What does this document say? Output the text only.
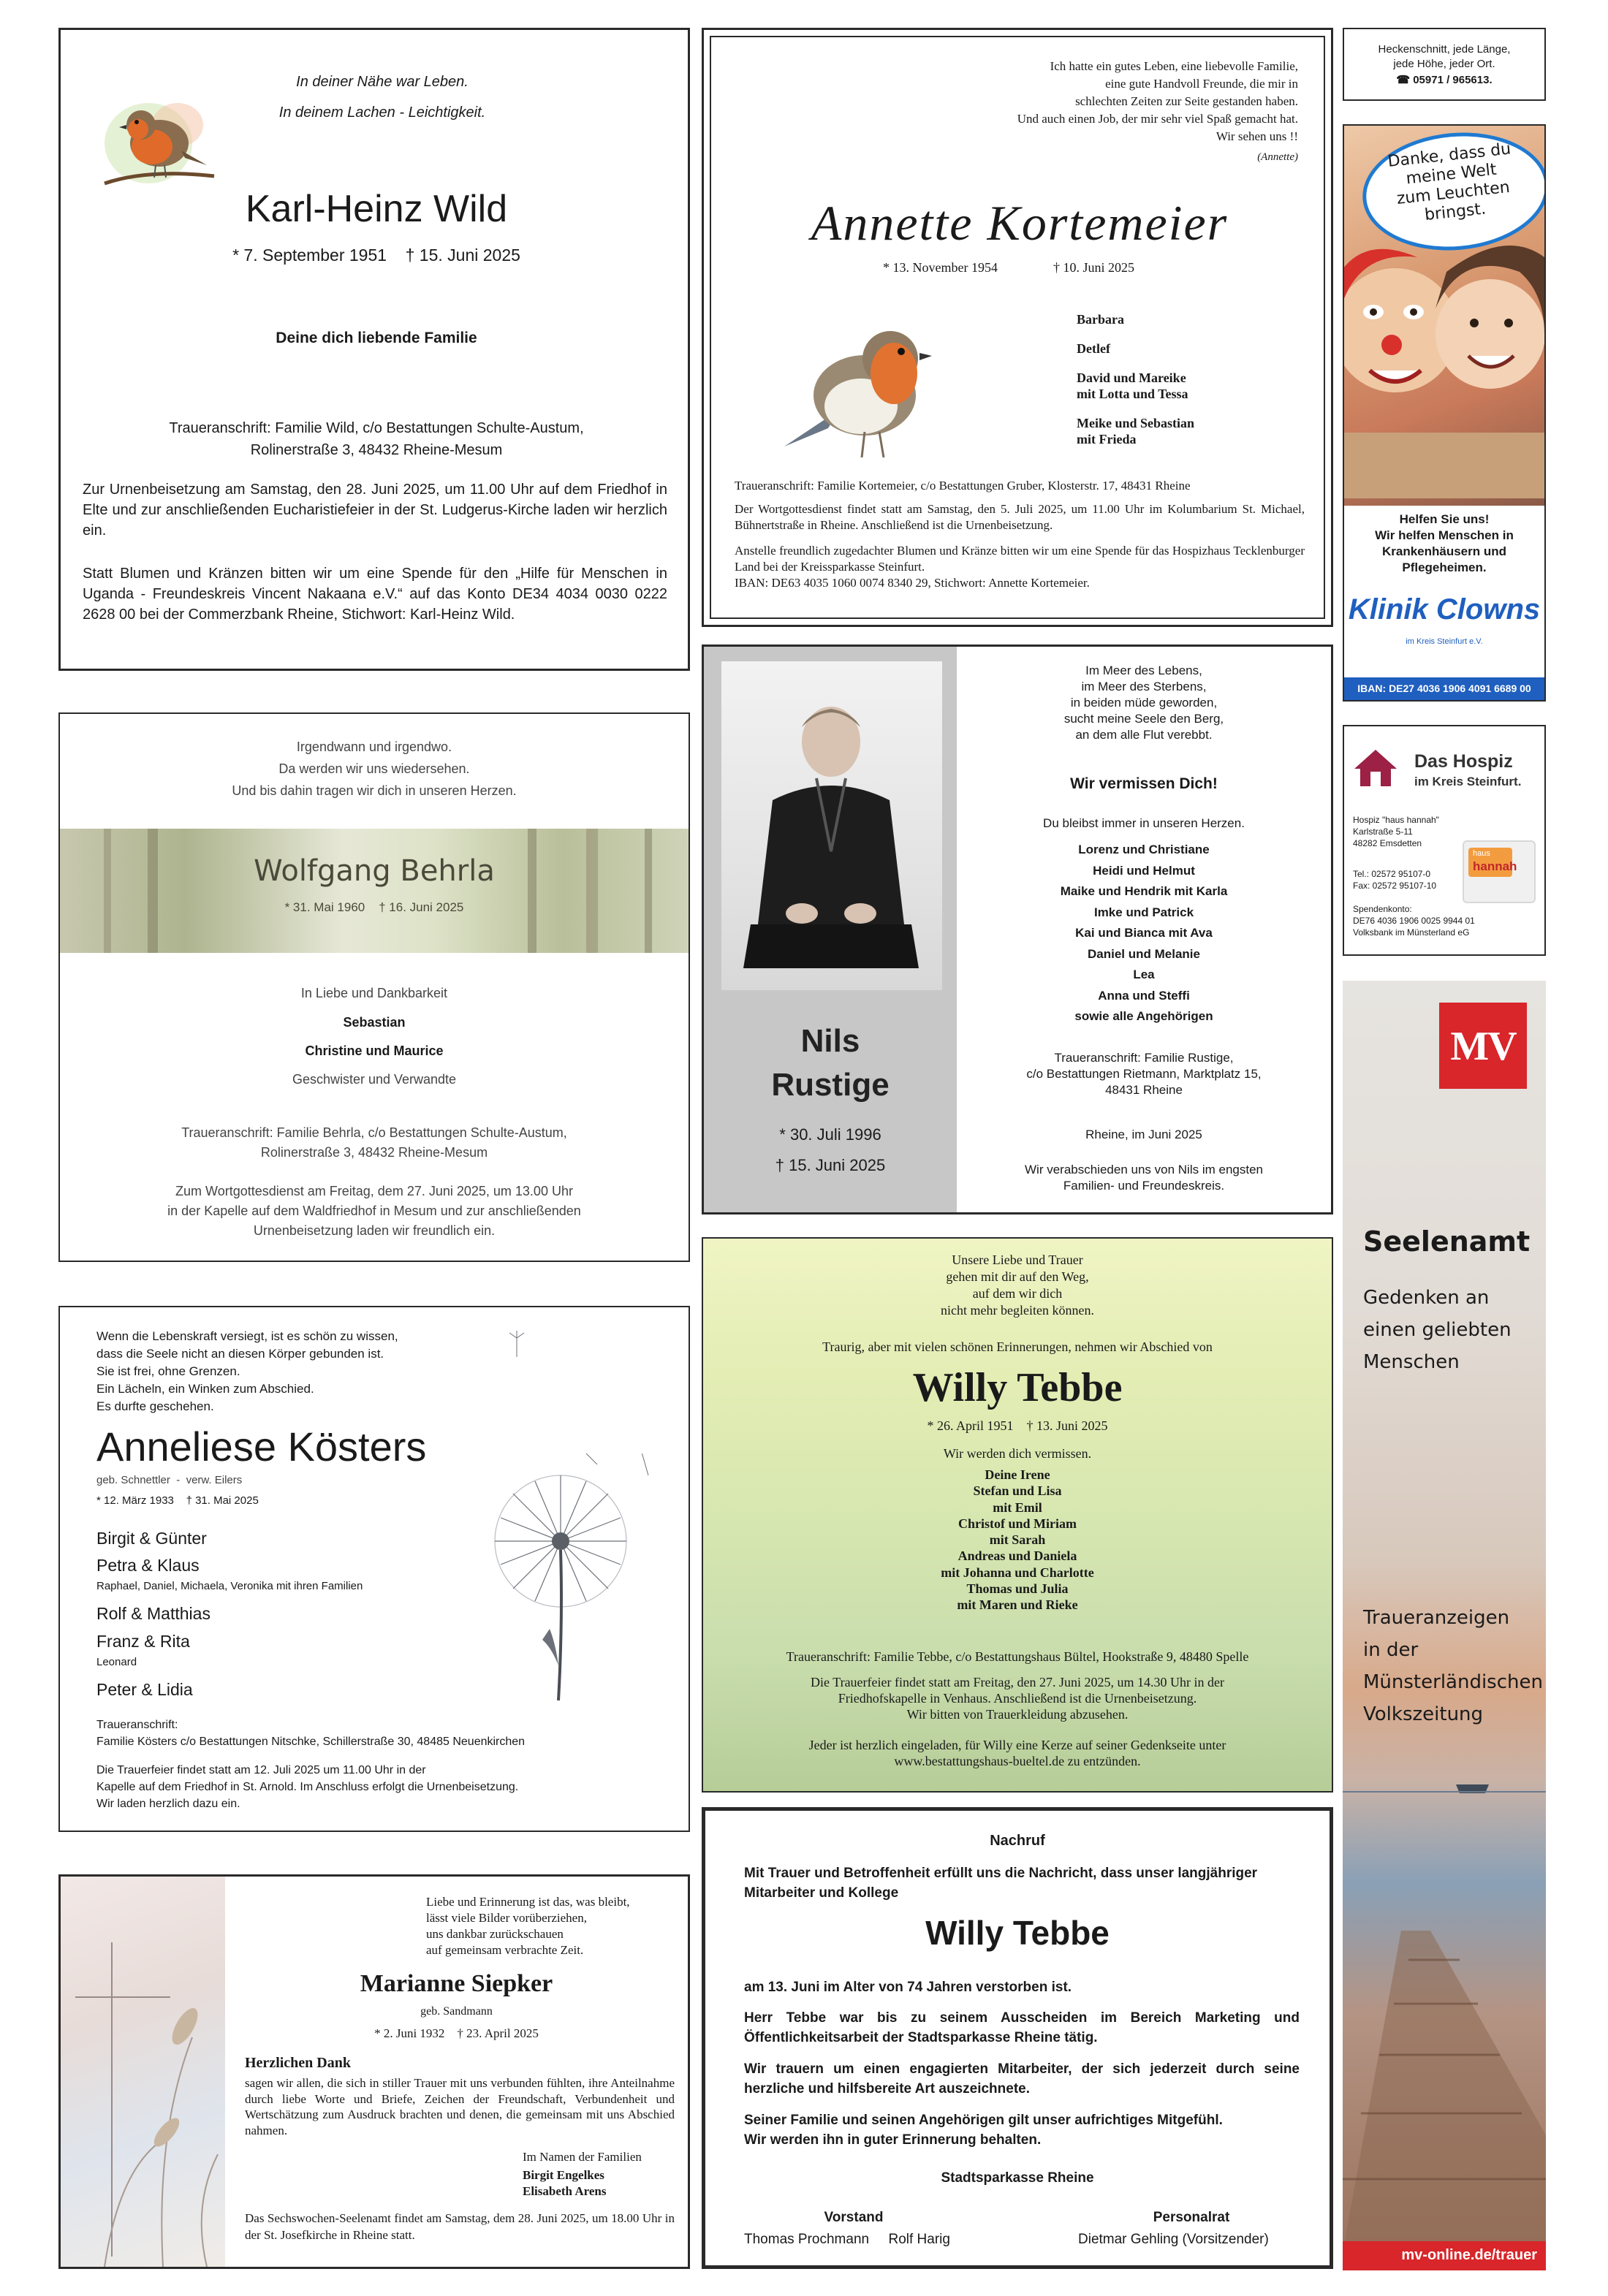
In deiner Nähe war Leben.
In deinem Lachen - Leichtigkeit.

Karl-Heinz Wild

* 7. September 1951    † 15. Juni 2025

Deine dich liebende Familie

Traueranschrift: Familie Wild, c/o Bestattungen Schulte-Austum,
Rolinerstraße 3, 48432 Rheine-Mesum

Zur Urnenbeisetzung am Samstag, den 28. Juni 2025, um 11.00 Uhr auf dem Friedhof in Elte und zur anschließenden Eucharistiefeier in der St. Ludgerus-Kirche laden wir herzlich ein.

Statt Blumen und Kränzen bitten wir um eine Spende für den „Hilfe für Menschen in Uganda - Freundeskreis Vincent Nakaana e.V.“ auf das Konto DE34 4034 0030 0222 2628 00 bei der Commerzbank Rheine, Stichwort: Karl-Heinz Wild.

Ich hatte ein gutes Leben, eine liebevolle Familie,
eine gute Handvoll Freunde, die mir in
schlechten Zeiten zur Seite gestanden haben.
Und auch einen Job, der mir sehr viel Spaß gemacht hat.
Wir sehen uns !!

(Annette)

Annette Kortemeier

* 13. November 1954	† 10. Juni 2025

Barbara

Detlef

David und Mareike
mit Lotta und Tessa

Meike und Sebastian
mit Frieda

Traueranschrift: Familie Kortemeier, c/o Bestattungen Gruber, Klosterstr. 17, 48431 Rheine

Der Wortgottesdienst findet statt am Samstag, den 5. Juli 2025, um 11.00 Uhr im Kolumbarium St. Michael, Bühnertstraße in Rheine. Anschließend ist die Urnenbeisetzung.

Anstelle freundlich zugedachter Blumen und Kränze bitten wir um eine Spende für das Hospizhaus Tecklenburger Land bei der Kreissparkasse Steinfurt.
IBAN: DE63 4035 1060 0074 8340 29, Stichwort: Annette Kortemeier.

Heckenschnitt, jede Länge,
jede Höhe, jeder Ort.

☎ 05971 / 965613.

Danke, dass du
meine Welt
zum Leuchten
bringst.

Helfen Sie uns!
Wir helfen Menschen in
Krankenhäusern und
Pflegeheimen.

Klinik Clowns

im Kreis Steinfurt e.V.

IBAN: DE27 4036 1906 4091 6689 00

Das Hospiz

im Kreis Steinfurt.

Hospiz "haus hannah"
Karlstraße 5-11
48282 Emsdetten

Tel.: 02572 95107-0
Fax: 02572 95107-10

Spendenkonto:
DE76 4036 1906 0025 9944 01
Volksbank im Münsterland eG

haus

hannah

Irgendwann und irgendwo.
Da werden wir uns wiedersehen.
Und bis dahin tragen wir dich in unseren Herzen.

Wolfgang Behrla

* 31. Mai 1960    † 16. Juni 2025

In Liebe und Dankbarkeit

Sebastian

Christine und Maurice

Geschwister und Verwandte

Traueranschrift: Familie Behrla, c/o Bestattungen Schulte-Austum,
Rolinerstraße 3, 48432 Rheine-Mesum

Zum Wortgottesdienst am Freitag, dem 27. Juni 2025, um 13.00 Uhr
in der Kapelle auf dem Waldfriedhof in Mesum und zur anschließenden
Urnenbeisetzung laden wir freundlich ein.

Nils
Rustige

* 30. Juli 1996

† 15. Juni 2025

Im Meer des Lebens,
im Meer des Sterbens,
in beiden müde geworden,
sucht meine Seele den Berg,
an dem alle Flut verebbt.

Wir vermissen Dich!

Du bleibst immer in unseren Herzen.

Lorenz und Christiane
Heidi und Helmut
Maike und Hendrik mit Karla
Imke und Patrick
Kai und Bianca mit Ava
Daniel und Melanie
Lea
Anna und Steffi
sowie alle Angehörigen

Traueranschrift: Familie Rustige,
c/o Bestattungen Rietmann, Marktplatz 15,
48431 Rheine

Rheine, im Juni 2025

Wir verabschieden uns von Nils im engsten
Familien- und Freundeskreis.

Unsere Liebe und Trauer
gehen mit dir auf den Weg,
auf dem wir dich
nicht mehr begleiten können.

Traurig, aber mit vielen schönen Erinnerungen, nehmen wir Abschied von

Willy Tebbe

* 26. April 1951    † 13. Juni 2025

Wir werden dich vermissen.

Deine Irene
Stefan und Lisa
mit Emil
Christof und Miriam
mit Sarah
Andreas und Daniela
mit Johanna und Charlotte
Thomas und Julia
mit Maren und Rieke

Traueranschrift: Familie Tebbe, c/o Bestattungshaus Bültel, Hookstraße 9, 48480 Spelle

Die Trauerfeier findet statt am Freitag, den 27. Juni 2025, um 14.30 Uhr in der
Friedhofskapelle in Venhaus. Anschließend ist die Urnenbeisetzung.
Wir bitten von Trauerkleidung abzusehen.

Jeder ist herzlich eingeladen, für Willy eine Kerze auf seiner Gedenkseite unter
www.bestattungshaus-bueltel.de zu entzünden.

Wenn die Lebenskraft versiegt, ist es schön zu wissen,
dass die Seele nicht an diesen Körper gebunden ist.
Sie ist frei, ohne Grenzen.
Ein Lächeln, ein Winken zum Abschied.
Es durfte geschehen.

Anneliese Kösters

geb. Schnettler  -  verw. Eilers

* 12. März 1933    † 31. Mai 2025

Birgit & Günter

Petra & Klaus

Raphael, Daniel, Michaela, Veronika mit ihren Familien

Rolf & Matthias

Franz & Rita

Leonard

Peter & Lidia

Traueranschrift:
Familie Kösters c/o Bestattungen Nitschke, Schillerstraße 30, 48485 Neuenkirchen

Die Trauerfeier findet statt am 12. Juli 2025 um 11.00 Uhr in der
Kapelle auf dem Friedhof in St. Arnold. Im Anschluss erfolgt die Urnenbeisetzung.
Wir laden herzlich dazu ein.

Liebe und Erinnerung ist das, was bleibt,
lässt viele Bilder vorüberziehen,
uns dankbar zurückschauen
auf gemeinsam verbrachte Zeit.

Marianne Siepker

geb. Sandmann

* 2. Juni 1932    † 23. April 2025

Herzlichen Dank

sagen wir allen, die sich in stiller Trauer mit uns verbunden fühlten, ihre Anteilnahme durch liebe Worte und Briefe, Zeichen der Freundschaft, Verbundenheit und Wertschätzung zum Ausdruck brachten und denen, die gemeinsam mit uns Abschied nahmen.

Im Namen der Familien

Birgit Engelkes
Elisabeth Arens

Das Sechswochen-Seelenamt findet am Samstag, dem 28. Juni 2025, um 18.00 Uhr in der St. Josefkirche in Rheine statt.

Nachruf

Mit Trauer und Betroffenheit erfüllt uns die Nachricht, dass unser langjähriger Mitarbeiter und Kollege

Willy Tebbe

am 13. Juni im Alter von 74 Jahren verstorben ist.

Herr Tebbe war bis zu seinem Ausscheiden im Bereich Marketing und Öffentlichkeitsarbeit der Stadtsparkasse Rheine tätig.

Wir trauern um einen engagierten Mitarbeiter, der sich jederzeit durch seine herzliche und hilfsbereite Art auszeichnete.

Seiner Familie und seinen Angehörigen gilt unser aufrichtiges Mitgefühl.
Wir werden ihn in guter Erinnerung behalten.

Stadtsparkasse Rheine

Vorstand

Thomas Prochmann     Rolf Harig

Personalrat

Dietmar Gehling (Vorsitzender)

MV

Seelenamt

Gedenken an
einen geliebten
Menschen

Traueranzeigen
in der
Münsterländischen
Volkszeitung

mv-online.de/trauer
